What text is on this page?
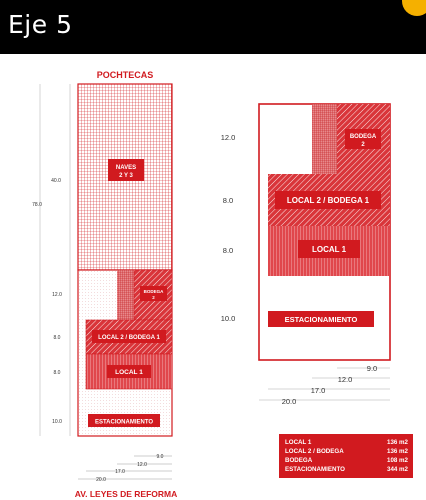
Eje 5
POCHTECAS
NAVES
2 Y 3
BODEGA
2
LOCAL 2 / BODEGA 1
LOCAL 1
ESTACIONAMIENTO
40.0
78.0
12.0
8.0
8.0
10.0
9.0
12.0
17.0
20.0
AV. LEYES DE REFORMA
BODEGA
2
LOCAL 2 / BODEGA 1
LOCAL 1
ESTACIONAMIENTO
12.0
8.0
8.0
10.0
9.0
12.0
17.0
20.0
LOCAL 1	136 m2
LOCAL 2 / BODEGA	136 m2
BODEGA	108 m2
ESTACIONAMIENTO	344 m2
